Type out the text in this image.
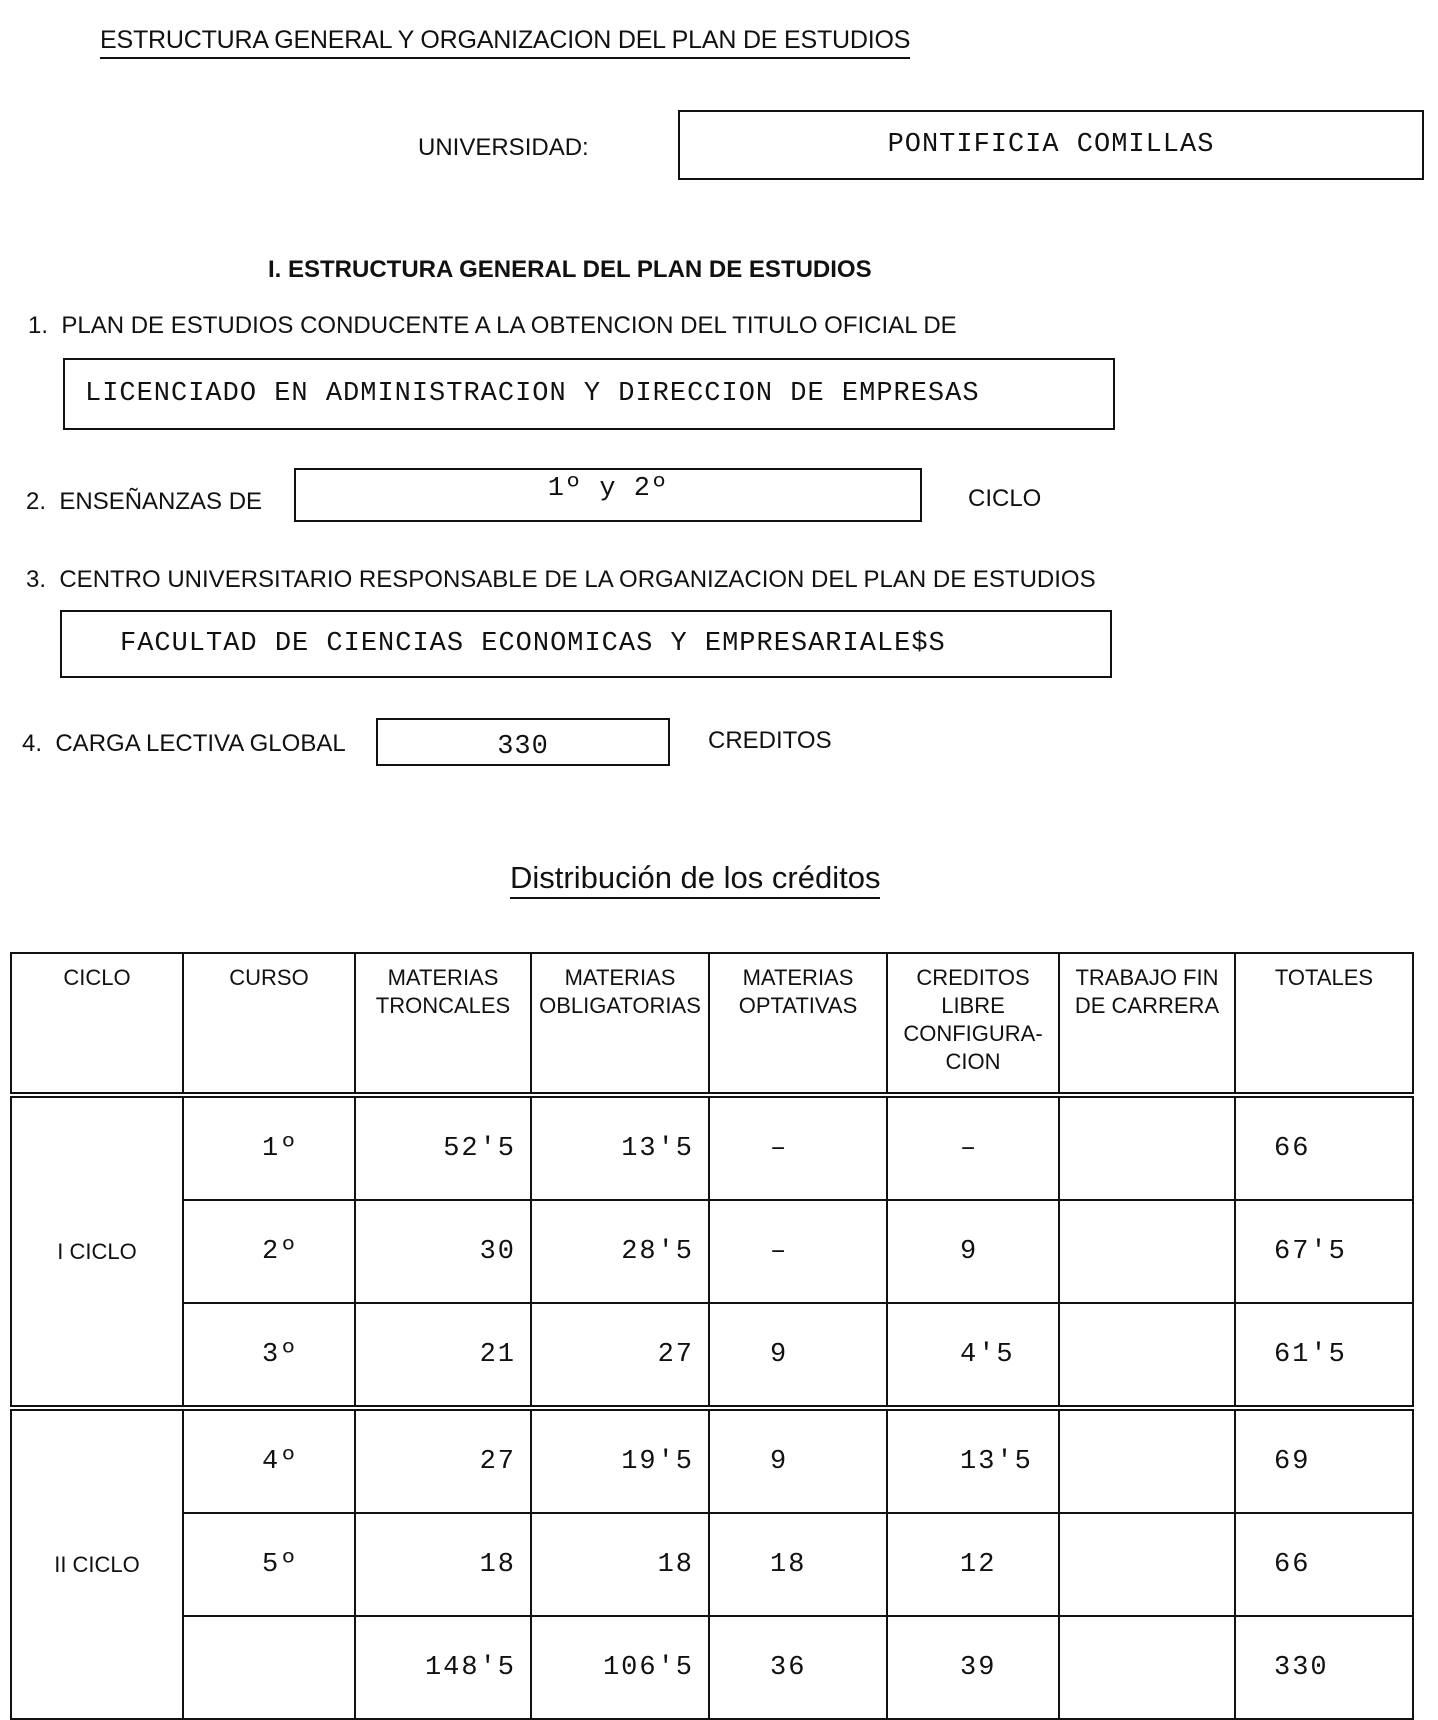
ESTRUCTURA GENERAL Y ORGANIZACION DEL PLAN DE ESTUDIOS
UNIVERSIDAD:	PONTIFICIA COMILLAS
I. ESTRUCTURA GENERAL DEL PLAN DE ESTUDIOS
1.  PLAN DE ESTUDIOS CONDUCENTE A LA OBTENCION DEL TITULO OFICIAL DE
LICENCIADO EN ADMINISTRACION Y DIRECCION DE EMPRESAS
2.  ENSEÑANZAS DE	1º y 2º	CICLO
3.  CENTRO UNIVERSITARIO RESPONSABLE DE LA ORGANIZACION DEL PLAN DE ESTUDIOS
FACULTAD DE CIENCIAS ECONOMICAS Y EMPRESARIALE$S
4.  CARGA LECTIVA GLOBAL	330	CREDITOS
Distribución de los créditos
CICLO	CURSO	MATERIAS TRONCALES	MATERIAS OBLIGATORIAS	MATERIAS OPTATIVAS	CREDITOS LIBRE CONFIGURA-CION	TRABAJO FIN DE CARRERA	TOTALES
I CICLO	1º	52'5	13'5	–	–		66

	2º	30	28'5	–	9		67'5

	3º	21	27	9	4'5		61'5

II CICLO	4º	27	19'5	9	13'5		69

	5º	18	18	18	12		66

		148'5	106'5	36	39		330
